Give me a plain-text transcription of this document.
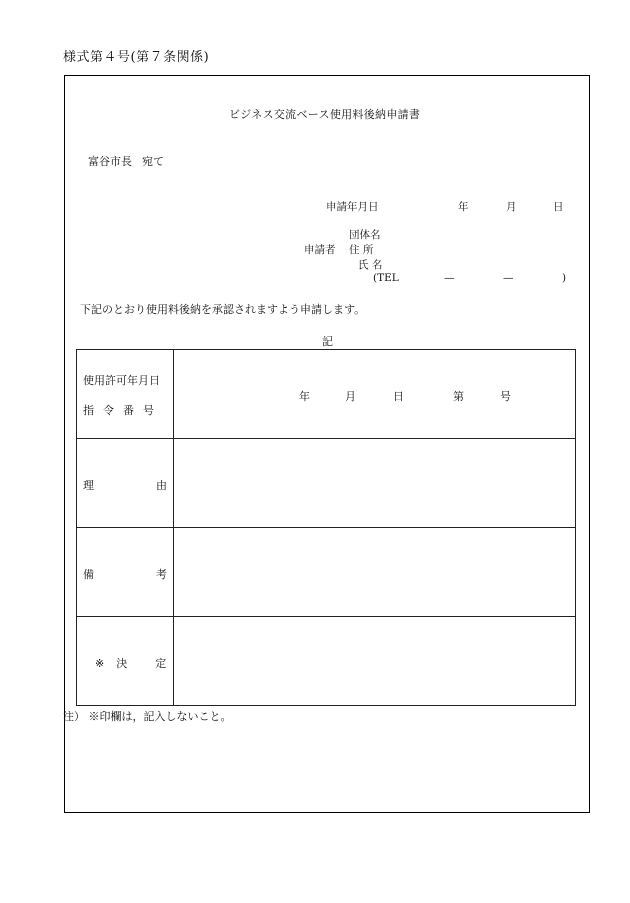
様式第４号(第７条関係)
ビジネス交流ベース使用料後納申請書
富谷市長 宛て
申請年月日	年	月	日
団体名
申請者 住 所
氏 名
(TEL	—	—	)
下記のとおり使用料後納を承認されますよう申請します。
記
使用許可年月日
指令番号	年 月 日 第 号

理 由	

備 考	

※ 決 定	

注） ※印欄は，記入しないこと。
